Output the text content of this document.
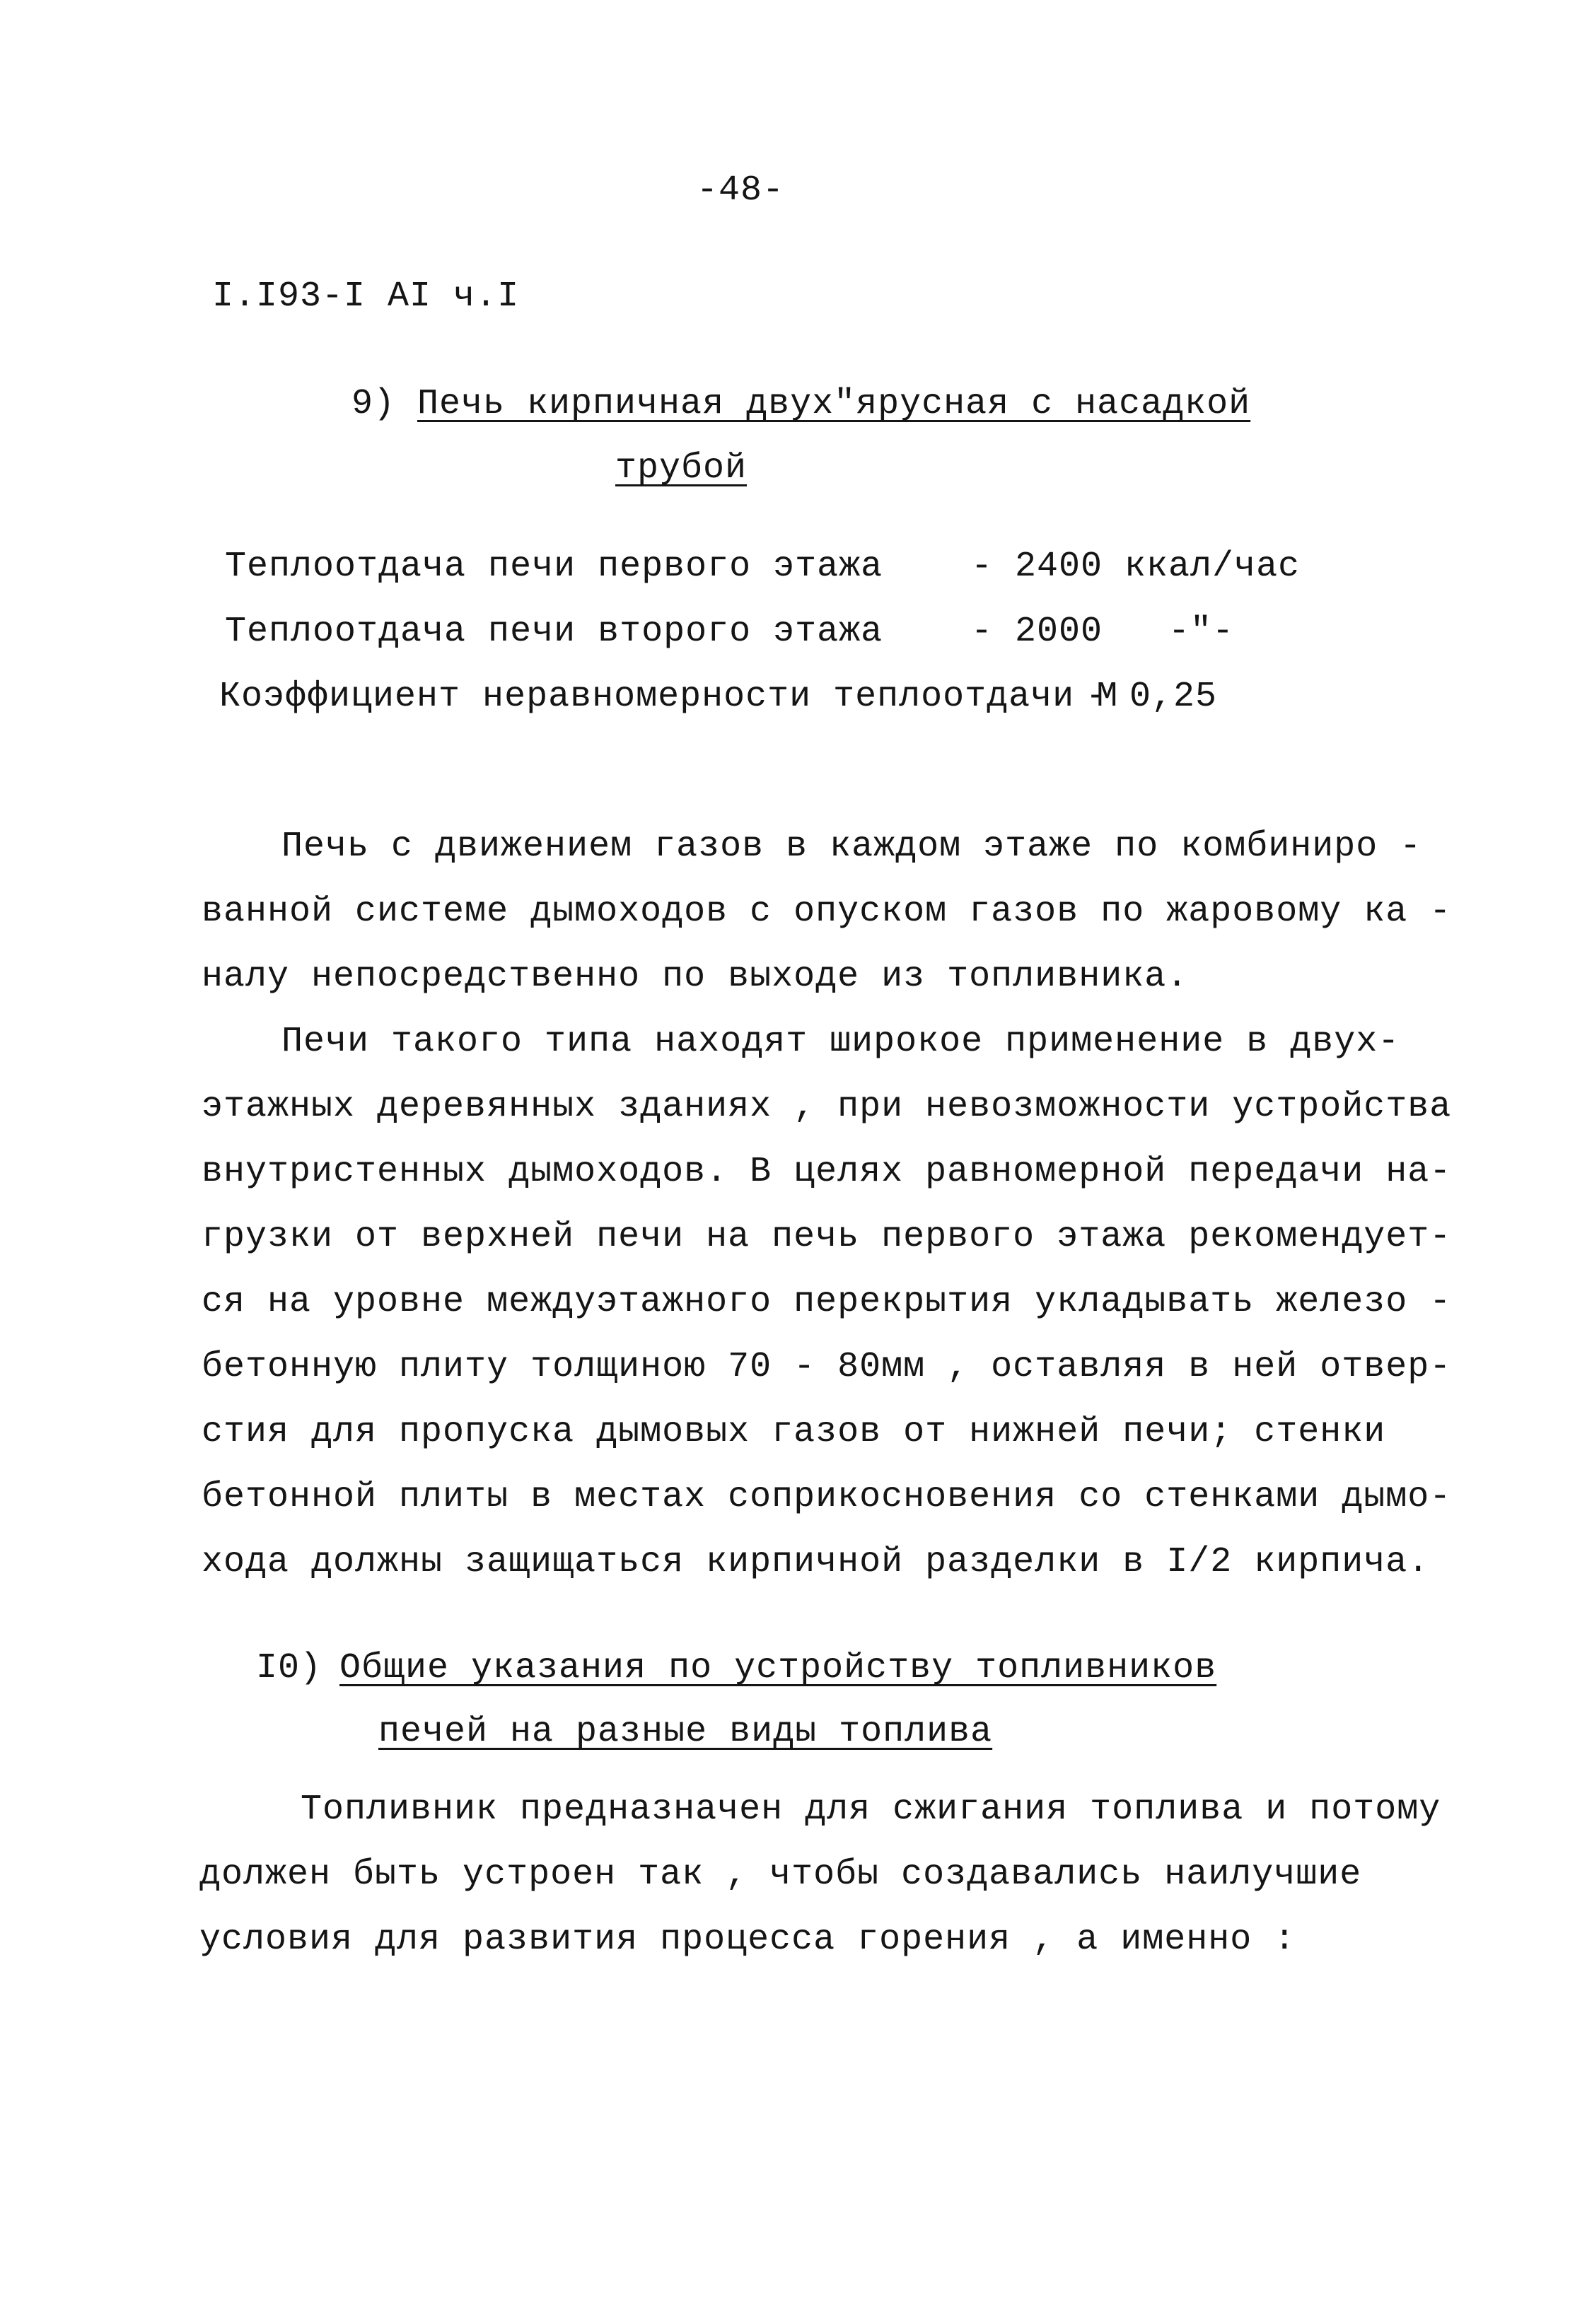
-48-
I.I93-I AI ч.I
9) Печь кирпичная двух"ярусная с насадкой
трубой

Теплоотдача печи первого этажа

- 2400 ккал/час

Теплоотдача печи второго этажа

- 2000   -"-

Коэффициент неравномерности теплоотдачи М

- 0,25

Печь с движением газов в каждом этаже по комбиниро -
ванной системе дымоходов с опуском газов по жаровому ка -
налу непосредственно по выходе из топливника.
Печи такого типа находят широкое применение в двух-
этажных деревянных зданиях , при невозможности устройства
внутристенных дымоходов. В целях равномерной передачи на-
грузки от верхней печи на печь первого этажа рекомендует-
ся на уровне междуэтажного перекрытия укладывать железо -
бетонную плиту толщиною 70 - 80мм , оставляя в ней отвер-
стия для пропуска дымовых газов от нижней печи; стенки
бетонной плиты в местах соприкосновения со стенками дымо-
хода должны защищаться кирпичной разделки в I/2 кирпича.
I0) Общие указания по устройству топливников
печей на разные виды топлива
Топливник предназначен для сжигания топлива и потому
должен быть устроен так , чтобы создавались наилучшие
условия для развития процесса горения , а именно :
